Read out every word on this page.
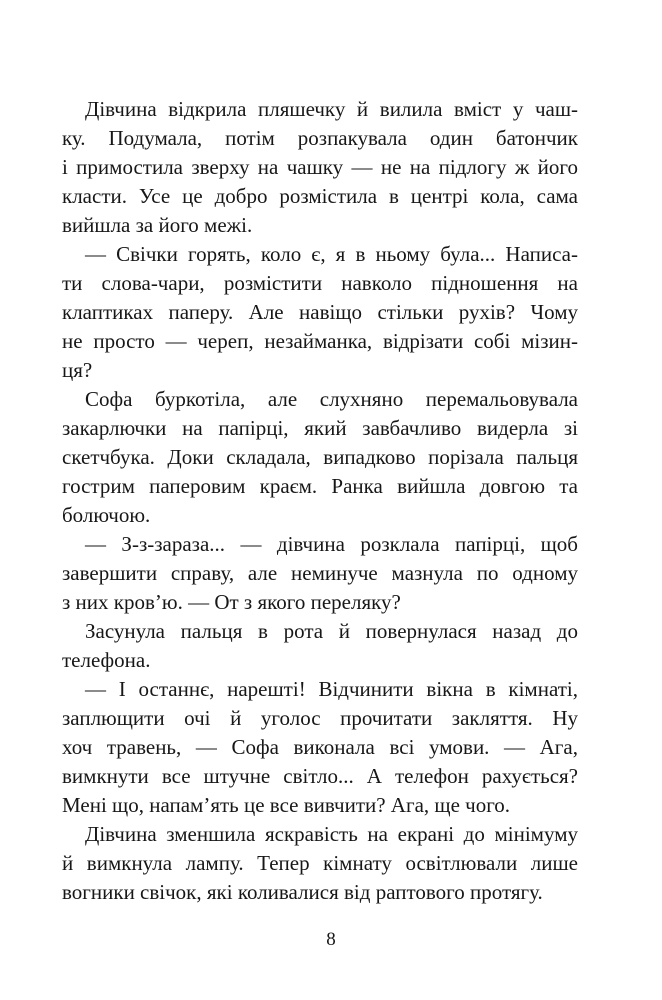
Дівчина відкрила пляшечку й вилила вміст у чаш-
ку. Подумала, потім розпакувала один батончик
і примостила зверху на чашку — не на підлогу ж його
класти. Усе це добро розмістила в центрі кола, сама
вийшла за його межі.
— Свічки горять, коло є, я в ньому була... Написа-
ти слова-чари, розмістити навколо підношення на
клаптиках паперу. Але навіщо стільки рухів? Чому
не просто — череп, незайманка, відрізати собі мізин-
ця?
Софа буркотіла, але слухняно перемальовувала
закарлючки на папірці, який завбачливо видерла зі
скетчбука. Доки складала, випадково порізала пальця
гострим паперовим краєм. Ранка вийшла довгою та
болючою.
— З-з-зараза... — дівчина розклала папірці, щоб
завершити справу, але неминуче мазнула по одному
з них кров’ю. — От з якого переляку?
Засунула пальця в рота й повернулася назад до
телефона.
— І останнє, нарешті! Відчинити вікна в кімнаті,
заплющити очі й уголос прочитати закляття. Ну
хоч травень, — Софа виконала всі умови. — Ага,
вимкнути все штучне світло... А телефон рахується?
Мені що, напам’ять це все вивчити? Ага, ще чого.
Дівчина зменшила яскравість на екрані до мінімуму
й вимкнула лампу. Тепер кімнату освітлювали лише
вогники свічок, які коливалися від раптового протягу.
8
